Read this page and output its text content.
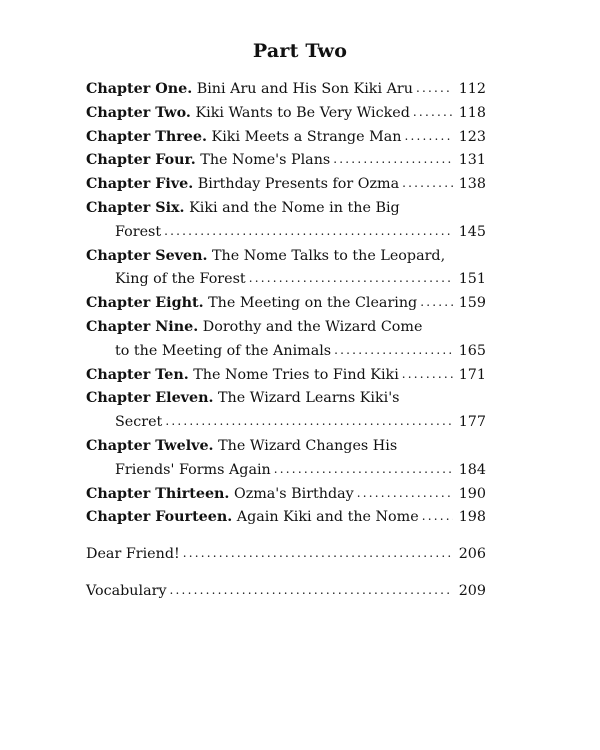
Part Two
Chapter One. Bini Aru and His Son Kiki Aru .....	112
Chapter Two. Kiki Wants to Be Very Wicked .....	118
Chapter Three. Kiki Meets a Strange Man .....	123
Chapter Four. The Nome's Plans .....	131
Chapter Five. Birthday Presents for Ozma .....	138
Chapter Six. Kiki and the Nome in the Big
Forest .....	145
Chapter Seven. The Nome Talks to the Leopard,
King of the Forest .....	151
Chapter Eight. The Meeting on the Clearing .....	159
Chapter Nine. Dorothy and the Wizard Come
to the Meeting of the Animals .....	165
Chapter Ten. The Nome Tries to Find Kiki .....	171
Chapter Eleven. The Wizard Learns Kiki's
Secret .....	177
Chapter Twelve. The Wizard Changes His
Friends' Forms Again .....	184
Chapter Thirteen. Ozma's Birthday .....	190
Chapter Fourteen. Again Kiki and the Nome .....	198
Dear Friend! .....	206
Vocabulary .....	209
